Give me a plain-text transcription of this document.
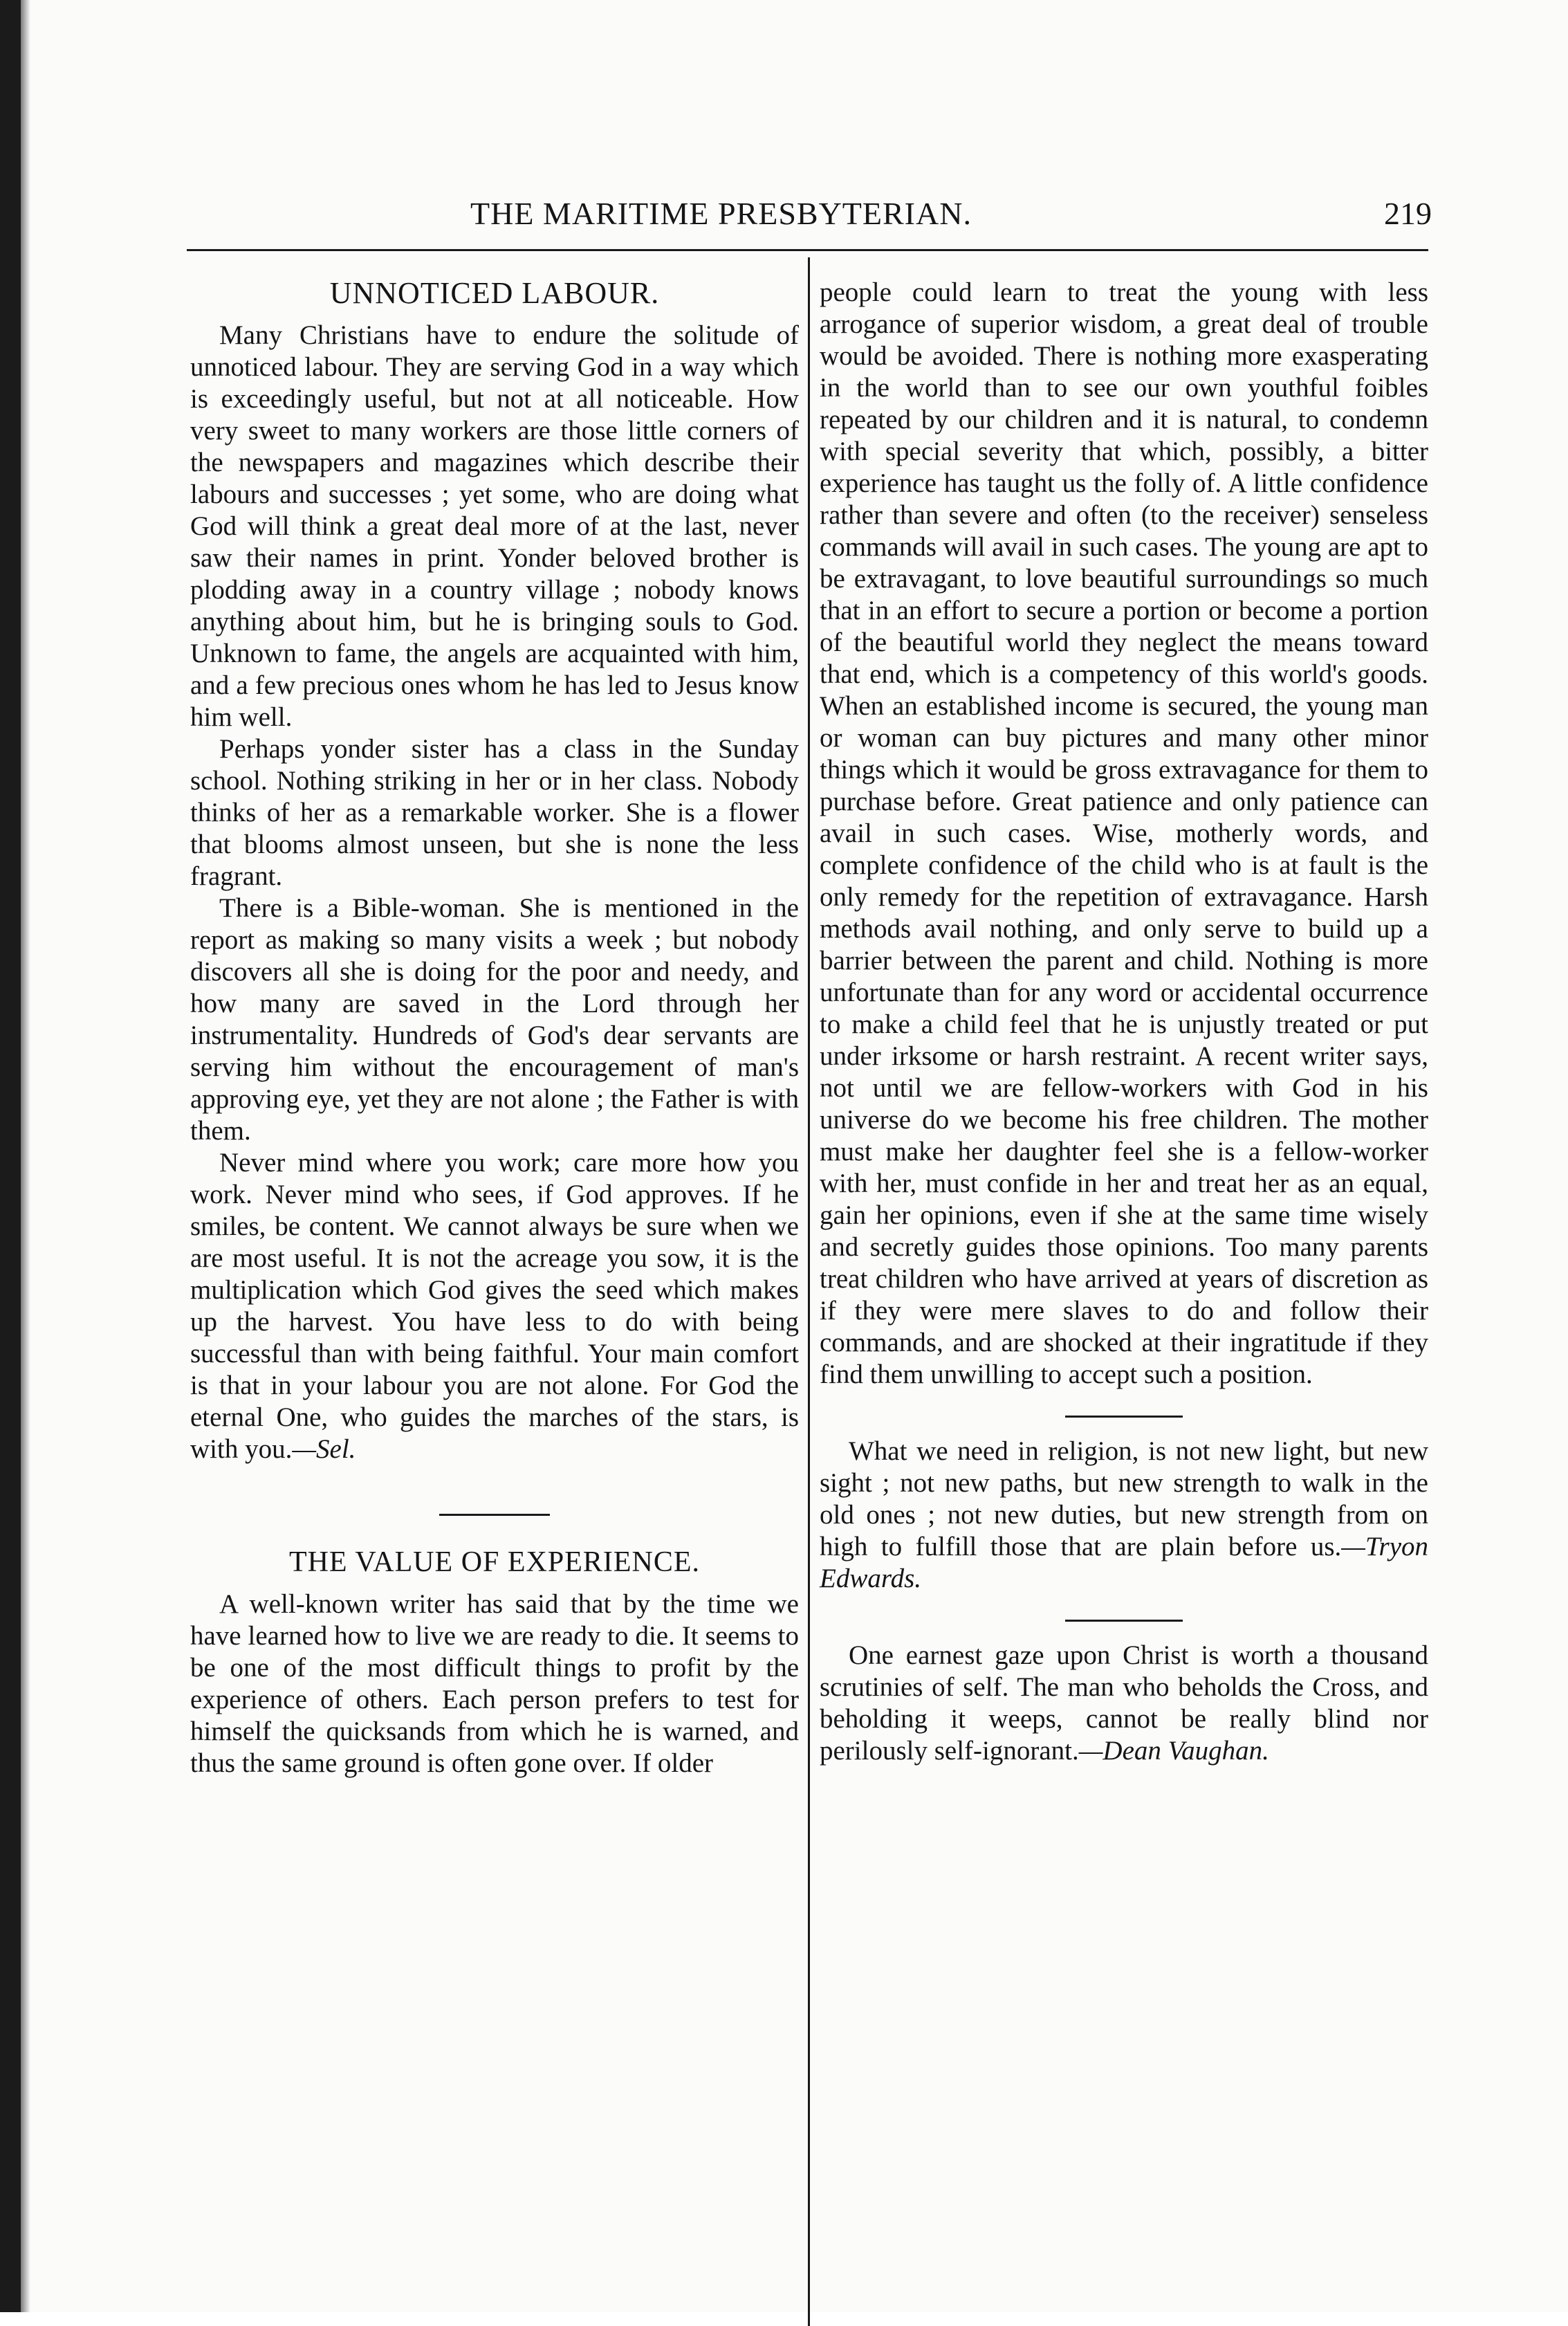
THE MARITIME PRESBYTERIAN.	219
UNNOTICED LABOUR.

Many Christians have to endure the solitude of unnoticed labour. They are serving God in a way which is exceedingly useful, but not at all noticeable. How very sweet to many workers are those little corners of the newspapers and magazines which describe their labours and successes ; yet some, who are doing what God will think a great deal more of at the last, never saw their names in print. Yonder beloved brother is plodding away in a country village ; nobody knows anything about him, but he is bringing souls to God. Unknown to fame, the angels are acquainted with him, and a few precious ones whom he has led to Jesus know him well.

Perhaps yonder sister has a class in the Sunday school. Nothing striking in her or in her class. Nobody thinks of her as a remarkable worker. She is a flower that blooms almost unseen, but she is none the less fragrant.

There is a Bible-woman. She is mentioned in the report as making so many visits a week ; but nobody discovers all she is doing for the poor and needy, and how many are saved in the Lord through her instrumentality. Hundreds of God's dear servants are serving him without the encouragement of man's approving eye, yet they are not alone ; the Father is with them.

Never mind where you work; care more how you work. Never mind who sees, if God approves. If he smiles, be content. We cannot always be sure when we are most useful. It is not the acreage you sow, it is the multiplication which God gives the seed which makes up the harvest. You have less to do with being successful than with being faithful. Your main comfort is that in your labour you are not alone. For God the eternal One, who guides the marches of the stars, is with you.—Sel.

THE VALUE OF EXPERIENCE.

A well-known writer has said that by the time we have learned how to live we are ready to die. It seems to be one of the most difficult things to profit by the experience of others. Each person prefers to test for himself the quicksands from which he is warned, and thus the same ground is often gone over. If older

people could learn to treat the young with less arrogance of superior wisdom, a great deal of trouble would be avoided. There is nothing more exasperating in the world than to see our own youthful foibles repeated by our children and it is natural, to condemn with special severity that which, possibly, a bitter experience has taught us the folly of. A little confidence rather than severe and often (to the receiver) senseless commands will avail in such cases. The young are apt to be extravagant, to love beautiful surroundings so much that in an effort to secure a portion or become a portion of the beautiful world they neglect the means toward that end, which is a competency of this world's goods. When an established income is secured, the young man or woman can buy pictures and many other minor things which it would be gross extravagance for them to purchase before. Great patience and only patience can avail in such cases. Wise, motherly words, and complete confidence of the child who is at fault is the only remedy for the repetition of extravagance. Harsh methods avail nothing, and only serve to build up a barrier between the parent and child. Nothing is more unfortunate than for any word or accidental occurrence to make a child feel that he is unjustly treated or put under irksome or harsh restraint. A recent writer says, not until we are fellow-workers with God in his universe do we become his free children. The mother must make her daughter feel she is a fellow-worker with her, must confide in her and treat her as an equal, gain her opinions, even if she at the same time wisely and secretly guides those opinions. Too many parents treat children who have arrived at years of discretion as if they were mere slaves to do and follow their commands, and are shocked at their ingratitude if they find them unwilling to accept such a position.

What we need in religion, is not new light, but new sight ; not new paths, but new strength to walk in the old ones ; not new duties, but new strength from on high to fulfill those that are plain before us.—Tryon Edwards.

One earnest gaze upon Christ is worth a thousand scrutinies of self. The man who beholds the Cross, and beholding it weeps, cannot be really blind nor perilously self-ignorant.—Dean Vaughan.
